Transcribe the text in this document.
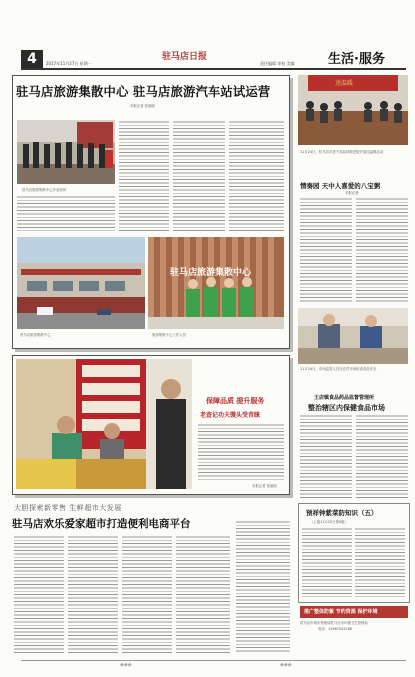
4	驻马店日报	生活·服务
2017年11月27日 星期一	责任编辑 审校 美编
驻马店旅游集散中心 驻马店旅游汽车站试运营
本报记者 张丽丽
驻马店旅游集散中心开业现场
驻马店旅游集散中心
驻马店旅游集散中心
旅游集散中心工作人员
送温暖
11月24日，驻马店市老干部局到敬老院开展送温暖活动
情奏园 天中人喜爱的八宝粥
本报记者
11月24日，市场监管人员在农贸市场检查食品安全
王店镇食品药品监督管理所
整治辖区内保健食品市场
保障品质 提升服务
老查记功夫馒头受青睐
本报记者 张丽丽
大胆探索新零售 生鲜超市大发展
驻马店欢乐爱家超市打造便利电商平台
预祥钟紫菜防知识（五）
（上接11月20日第4版）
推广整体防紫 节约资源 保护环境
驻马店市城市管理局驻马店市环境卫生管理局
电话：15967541286
◆◆◆	◆◆◆
